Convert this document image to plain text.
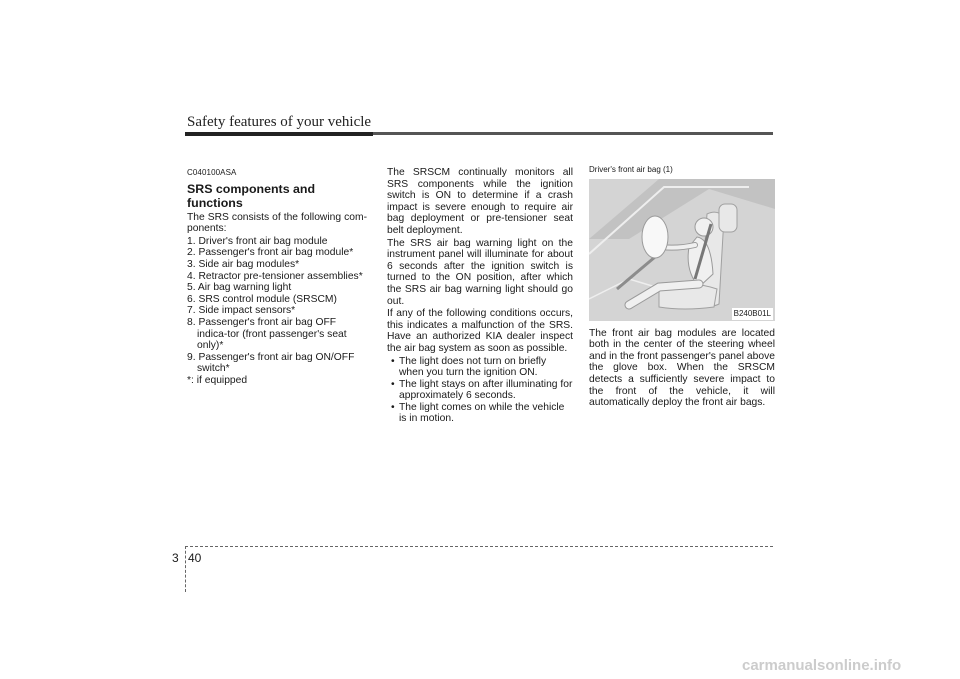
Safety features of your vehicle
C040100ASA
SRS components and functions

The SRS consists of the following com-ponents:

1. Driver's front air bag module

2. Passenger's front air bag module*

3. Side air bag modules*

4. Retractor pre-tensioner assemblies*

5. Air bag warning light

6. SRS control module (SRSCM)

7. Side impact sensors*

8. Passenger's front air bag OFF indica-tor (front passenger's seat only)*

9. Passenger's front air bag ON/OFF switch*

*: if equipped

The SRSCM continually monitors all SRS components while the ignition switch is ON to determine if a crash impact is severe enough to require air bag deployment or pre-tensioner seat belt deployment.

The SRS air bag warning light on the instrument panel will illuminate for about 6 seconds after the ignition switch is turned to the ON position, after which the SRS air bag warning light should go out.

If any of the following conditions occurs, this indicates a malfunction of the SRS. Have an authorized KIA dealer inspect the air bag system as soon as possible.

• The light does not turn on briefly when you turn the ignition ON.
• The light stays on after illuminating for approximately 6 seconds.
• The light comes on while the vehicle is in motion.
Driver's front air bag (1)
B240B01L

The front air bag modules are located both in the center of the steering wheel and in the front passenger's panel above the glove box. When the SRSCM detects a sufficiently severe impact to the front of the vehicle, it will automatically deploy the front air bags.

3 40
carmanualsonline.info
